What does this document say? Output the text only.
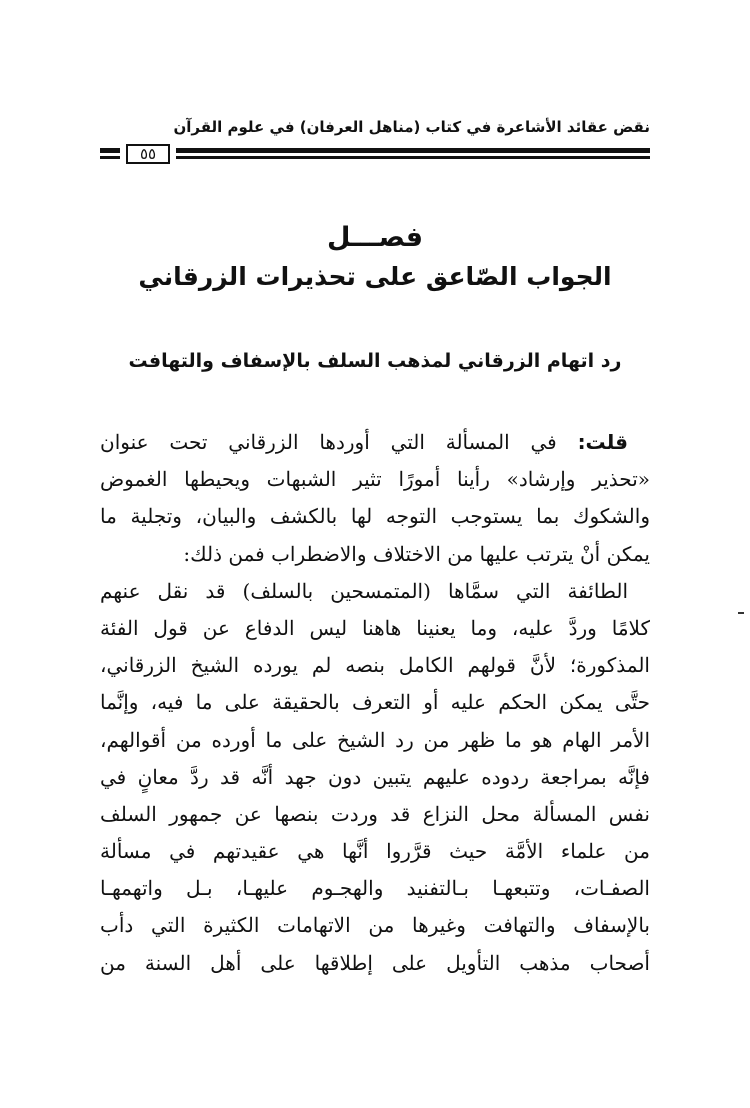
نقض عقائد الأشاعرة في كتاب (مناهل العرفان) في علوم القرآن
٥٥
فصـــل
الجواب الصّاعق على تحذيرات الزرقاني
رد اتهام الزرقاني لمذهب السلف بالإسفاف والتهافت
قلت: في المسألة التي أوردها الزرقاني تحت عنوان
«تحذير وإرشاد» رأينا أمورًا تثير الشبهات ويحيطها الغموض
والشكوك بما يستوجب التوجه لها بالكشف والبيان، وتجلية ما
يمكن أنْ يترتب عليها من الاختلاف والاضطراب فمن ذلك:
الطائفة التي سمَّاها (المتمسحين بالسلف) قد نقل عنهم
كلامًا وردَّ عليه، وما يعنينا هاهنا ليس الدفاع عن قول الفئة
المذكورة؛ لأنَّ قولهم الكامل بنصه لم يورده الشيخ الزرقاني،
حتَّى يمكن الحكم عليه أو التعرف بالحقيقة على ما فيه، وإنَّما
الأمر الهام هو ما ظهر من رد الشيخ على ما أورده من أقوالهم،
فإنَّه بمراجعة ردوده عليهم يتبين دون جهد أنَّه قد ردَّ معانٍ في
نفس المسألة محل النزاع قد وردت بنصها عن جمهور السلف
من علماء الأمَّة حيث قرَّروا أنَّها هي عقيدتهم في مسألة
الصفـات، وتتبعهـا بـالتفنيد والهجـوم عليهـا، بـل واتهمهـا
بالإسفاف والتهافت وغيرها من الاتهامات الكثيرة التي دأب
أصحاب مذهب التأويل على إطلاقها على أهل السنة من
